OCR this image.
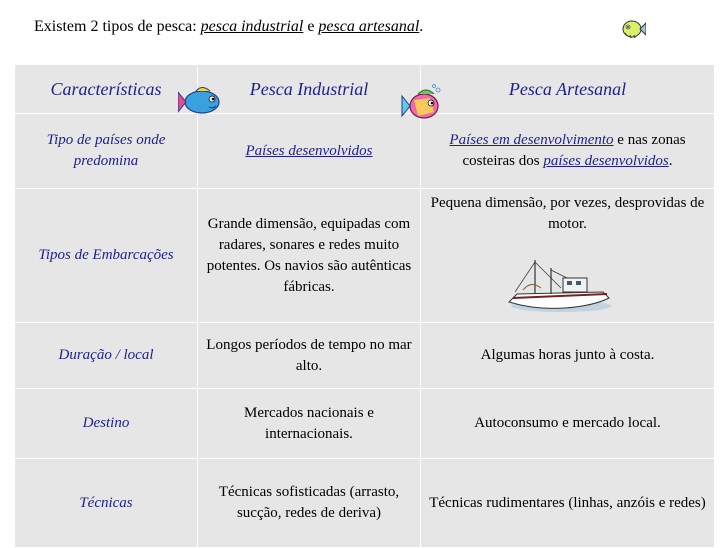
Existem 2 tipos de pesca: pesca industrial e pesca artesanal.
Características	Pesca Industrial	Pesca Artesanal
Tipo de países onde predomina	Países desenvolvidos	Países em desenvolvimento e nas zonas costeiras dos países desenvolvidos.
Tipos de Embarcações	Grande dimensão, equipadas com radares, sonares e redes muito potentes. Os navios são autênticas fábricas.	Pequena dimensão, por vezes, desprovidas de motor.

Duração / local	Longos períodos de tempo no mar alto.	Algumas horas junto à costa.
Destino	Mercados nacionais e internacionais.	Autoconsumo e mercado local.
Técnicas	Técnicas sofisticadas (arrasto, sucção, redes de deriva)	Técnicas rudimentares (linhas, anzóis e redes)
